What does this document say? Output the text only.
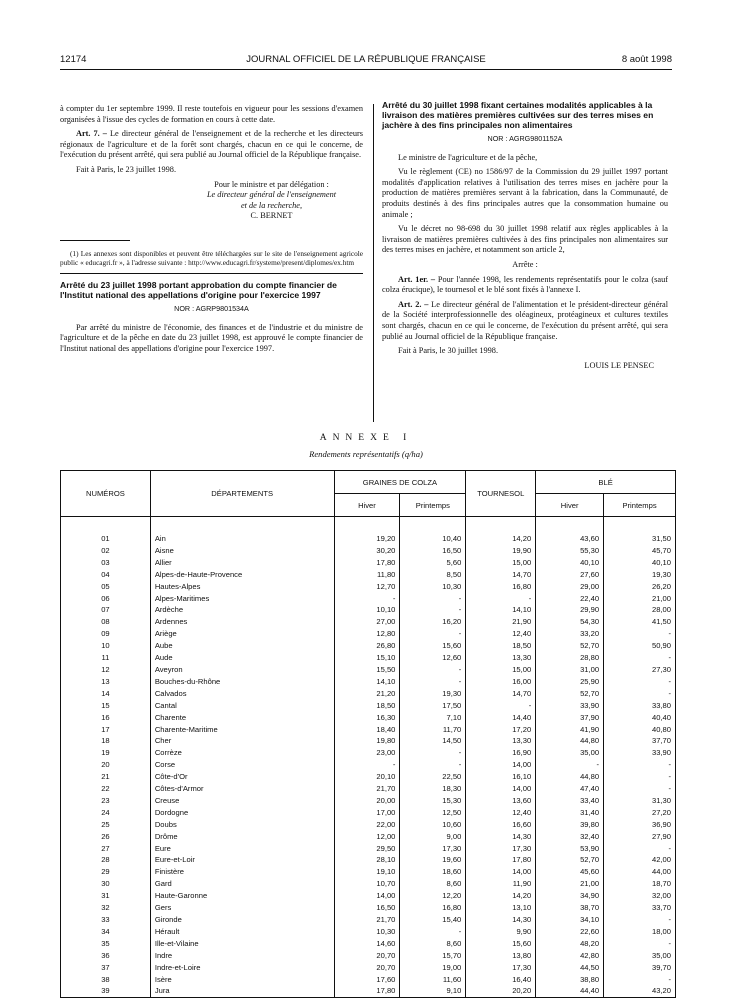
12174	JOURNAL OFFICIEL DE LA RÉPUBLIQUE FRANÇAISE	8 août 1998

à compter du 1er septembre 1999. Il reste toutefois en vigueur pour les sessions d'examen organisées à l'issue des cycles de formation en cours à cette date.

Art. 7. – Le directeur général de l'enseignement et de la recherche et les directeurs régionaux de l'agriculture et de la forêt sont chargés, chacun en ce qui le concerne, de l'exécution du présent arrêté, qui sera publié au Journal officiel de la République française.

Fait à Paris, le 23 juillet 1998.

Pour le ministre et par délégation :

Le directeur général de l'enseignement

et de la recherche,

C. BERNET

(1) Les annexes sont disponibles et peuvent être téléchargées sur le site de l'enseignement agricole public « educagri.fr », à l'adresse suivante : http://www.educagri.fr/systeme/present/diplomes/ex.htm

Arrêté du 23 juillet 1998 portant approbation du compte financier de l'Institut national des appellations d'origine pour l'exercice 1997

NOR : AGRP9801534A

Par arrêté du ministre de l'économie, des finances et de l'industrie et du ministre de l'agriculture et de la pêche en date du 23 juillet 1998, est approuvé le compte financier de l'Institut national des appellations d'origine pour l'exercice 1997.

Arrêté du 30 juillet 1998 fixant certaines modalités applicables à la livraison des matières premières cultivées sur des terres mises en jachère à des fins principales non alimentaires

NOR : AGRG9801152A

Le ministre de l'agriculture et de la pêche,

Vu le règlement (CE) no 1586/97 de la Commission du 29 juillet 1997 portant modalités d'application relatives à l'utilisation des terres mises en jachère pour la production de matières premières servant à la fabrication, dans la Communauté, de produits destinés à des fins principales autres que la consommation humaine ou animale ;

Vu le décret no 98-698 du 30 juillet 1998 relatif aux règles applicables à la livraison de matières premières cultivées à des fins principales non alimentaires sur des terres mises en jachère, et notamment son article 2,

Arrête :

Art. 1er. – Pour l'année 1998, les rendements représentatifs pour le colza (sauf colza érucique), le tournesol et le blé sont fixés à l'annexe I.

Art. 2. – Le directeur général de l'alimentation et le président-directeur général de la Société interprofessionnelle des oléagineux, protéagineux et cultures textiles sont chargés, chacun en ce qui le concerne, de l'exécution du présent arrêté, qui sera publié au Journal officiel de la République française.

Fait à Paris, le 30 juillet 1998.

LOUIS LE PENSEC

ANNEXE I
Rendements représentatifs (q/ha)
NUMÉROS	DÉPARTEMENTS	GRAINES DE COLZA		TOURNESOL	BLÉ	
		Hiver	Printemps		Hiver	Printemps
01	Ain	19,20	10,40	14,20	43,60	31,50
02	Aisne	30,20	16,50	19,90	55,30	45,70
03	Allier	17,80	5,60	15,00	40,10	40,10
04	Alpes-de-Haute-Provence	11,80	8,50	14,70	27,60	19,30
05	Hautes-Alpes	12,70	10,30	16,80	29,00	26,20
06	Alpes-Maritimes	-	-	-	22,40	21,00
07	Ardèche	10,10	-	14,10	29,90	28,00
08	Ardennes	27,00	16,20	21,90	54,30	41,50
09	Ariège	12,80	-	12,40	33,20	-
10	Aube	26,80	15,60	18,50	52,70	50,90
11	Aude	15,10	12,60	13,30	28,80	-
12	Aveyron	15,50	-	15,00	31,00	27,30
13	Bouches-du-Rhône	14,10	-	16,00	25,90	-
14	Calvados	21,20	19,30	14,70	52,70	-
15	Cantal	18,50	17,50	-	33,90	33,80
16	Charente	16,30	7,10	14,40	37,90	40,40
17	Charente-Maritime	18,40	11,70	17,20	41,90	40,80
18	Cher	19,80	14,50	13,30	44,80	37,70
19	Corrèze	23,00	-	16,90	35,00	33,90
20	Corse	-	-	14,00	-	-
21	Côte-d'Or	20,10	22,50	16,10	44,80	-
22	Côtes-d'Armor	21,70	18,30	14,00	47,40	-
23	Creuse	20,00	15,30	13,60	33,40	31,30
24	Dordogne	17,00	12,50	12,40	31,40	27,20
25	Doubs	22,00	10,60	16,60	39,80	36,90
26	Drôme	12,00	9,00	14,30	32,40	27,90
27	Eure	29,50	17,30	17,30	53,90	-
28	Eure-et-Loir	28,10	19,60	17,80	52,70	42,00
29	Finistère	19,10	18,60	14,00	45,60	44,00
30	Gard	10,70	8,60	11,90	21,00	18,70
31	Haute-Garonne	14,00	12,20	14,20	34,90	32,00
32	Gers	16,50	16,80	13,10	38,70	33,70
33	Gironde	21,70	15,40	14,30	34,10	-
34	Hérault	10,30	-	9,90	22,60	18,00
35	Ille-et-Vilaine	14,60	8,60	15,60	48,20	-
36	Indre	20,70	15,70	13,80	42,80	35,00
37	Indre-et-Loire	20,70	19,00	17,30	44,50	39,70
38	Isère	17,60	11,60	16,40	38,80	-
39	Jura	17,80	9,10	20,20	44,40	43,20
